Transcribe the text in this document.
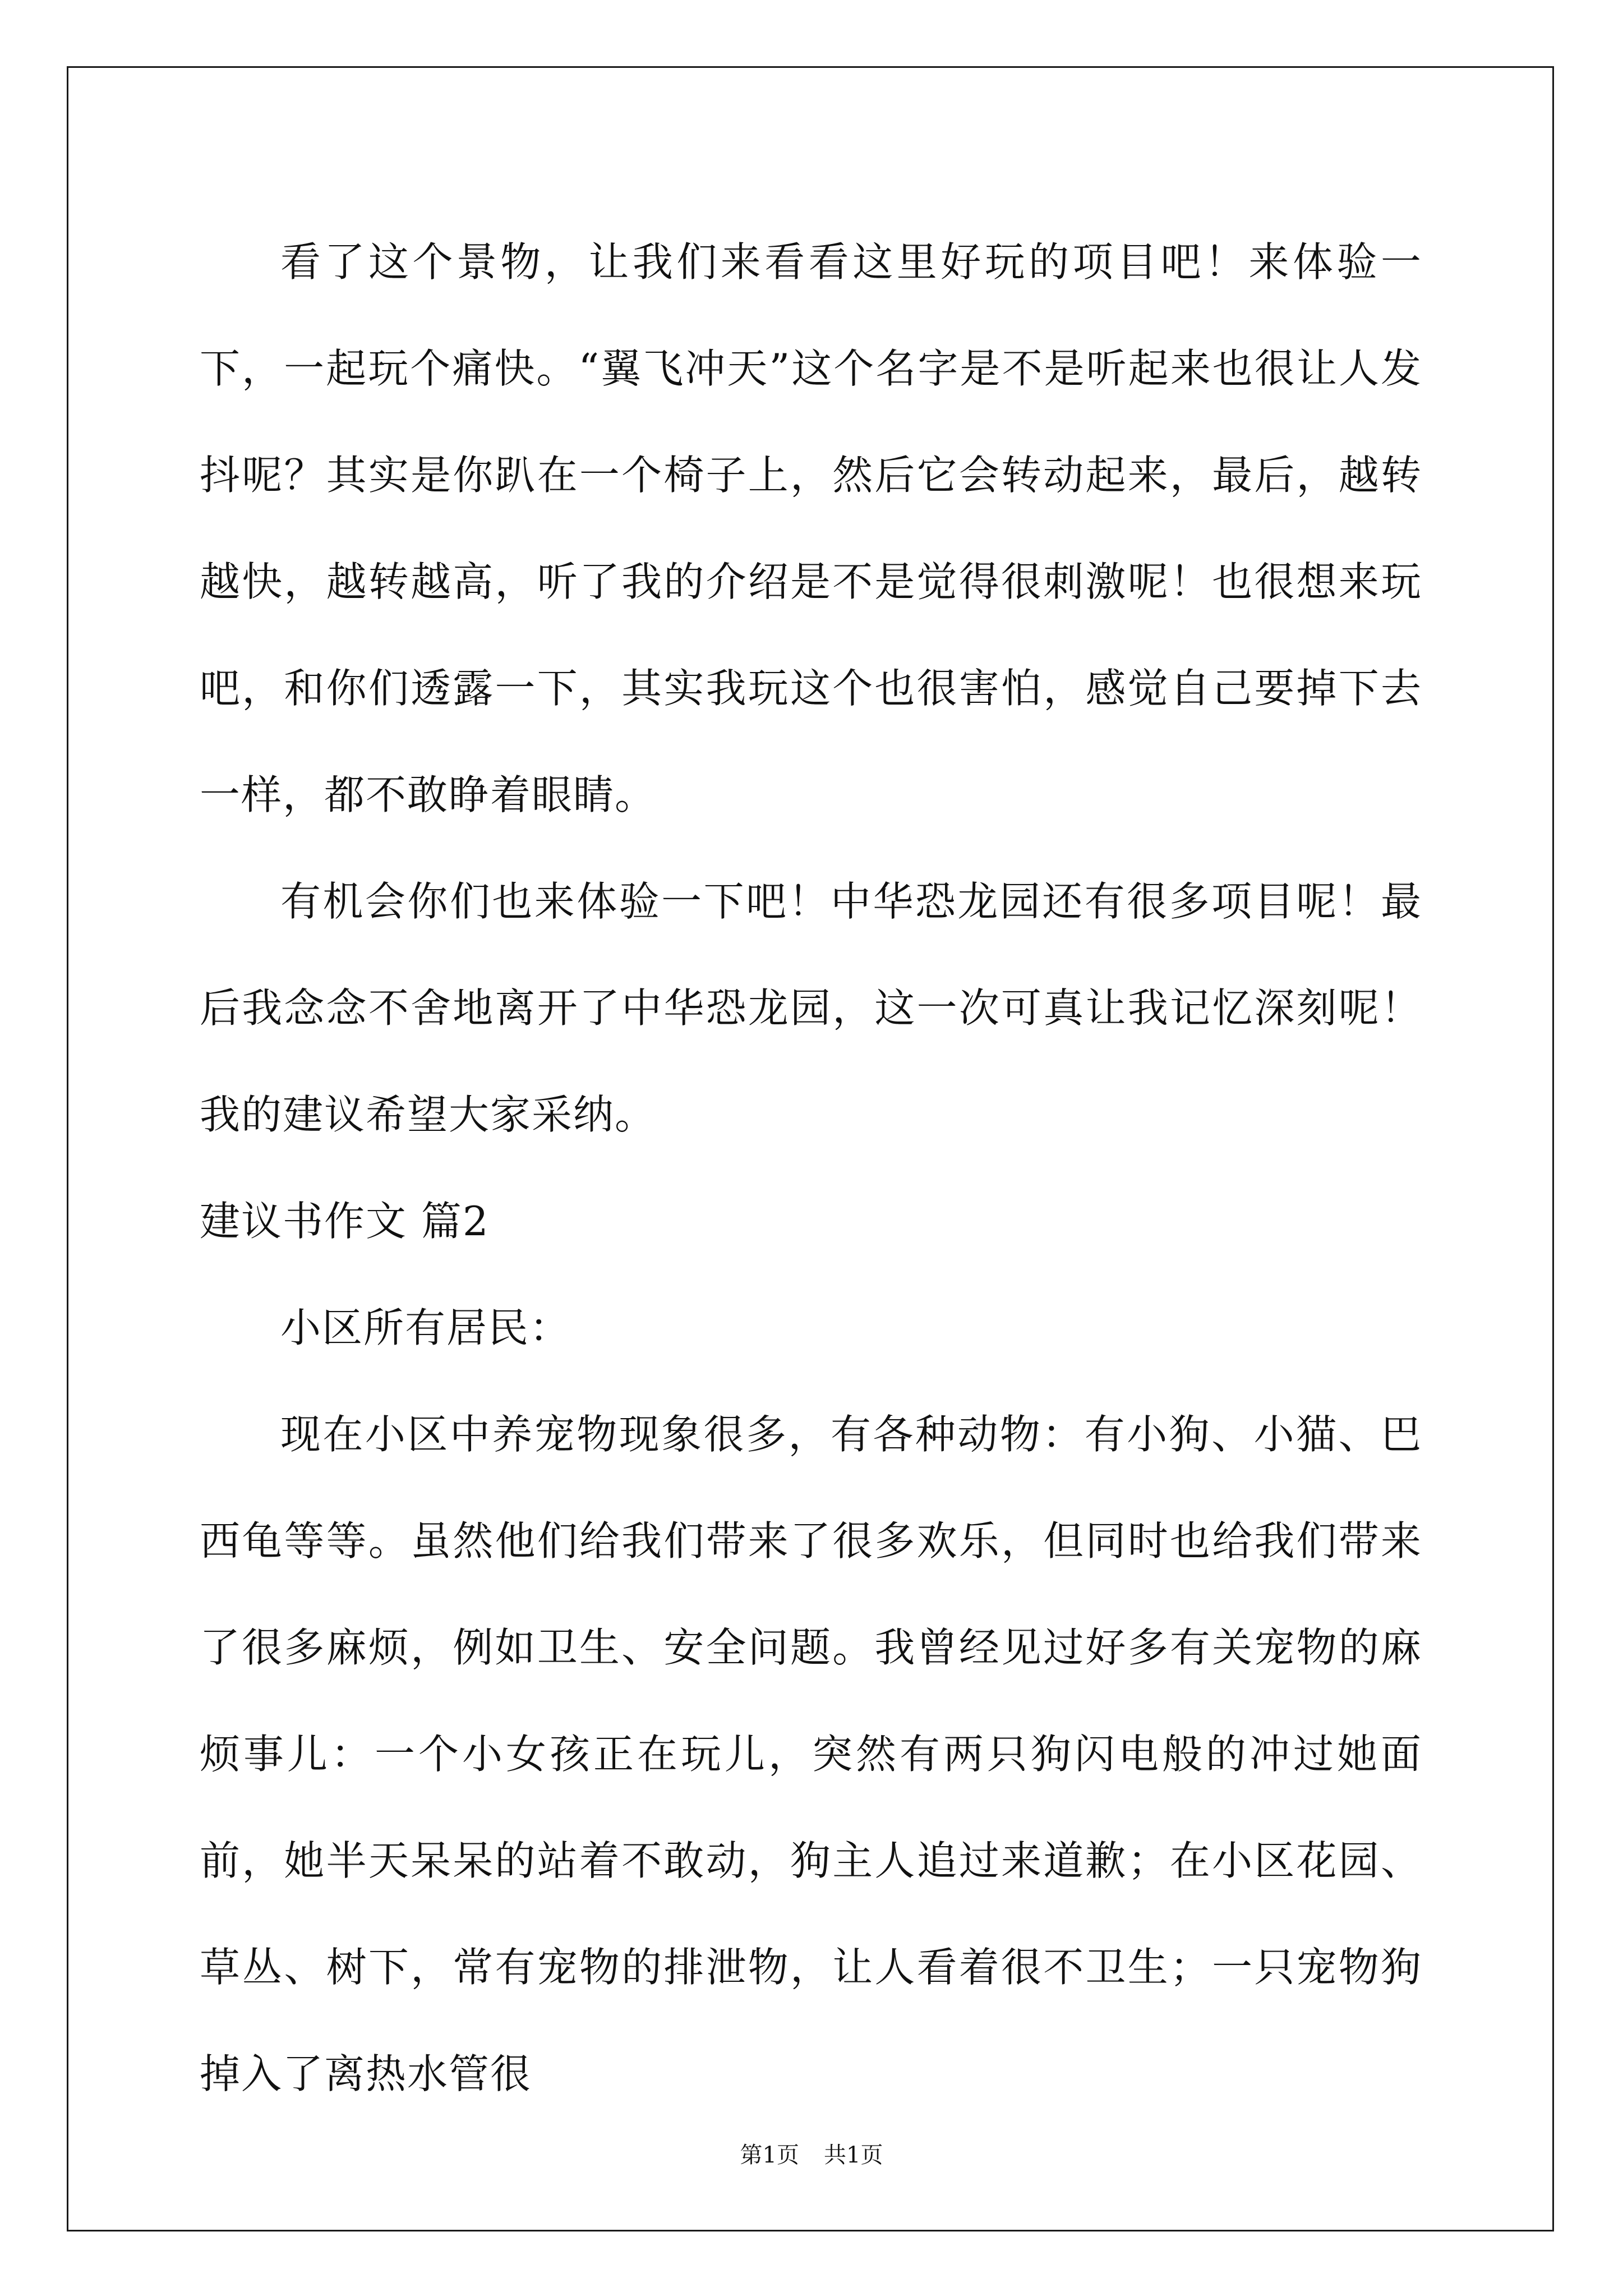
看了这个景物，让我们来看看这里好玩的项目吧！来体验一下，一起玩个痛快。“翼飞冲天”这个名字是不是听起来也很让人发抖呢？其实是你趴在一个椅子上，然后它会转动起来，最后，越转越快，越转越高，听了我的介绍是不是觉得很刺激呢！也很想来玩吧，和你们透露一下，其实我玩这个也很害怕，感觉自己要掉下去一样，都不敢睁着眼睛。

有机会你们也来体验一下吧！中华恐龙园还有很多项目呢！最后我念念不舍地离开了中华恐龙园，这一次可真让我记忆深刻呢！我的建议希望大家采纳。

建议书作文 篇2

小区所有居民：

现在小区中养宠物现象很多，有各种动物：有小狗、小猫、巴西龟等等。虽然他们给我们带来了很多欢乐，但同时也给我们带来了很多麻烦，例如卫生、安全问题。我曾经见过好多有关宠物的麻烦事儿：一个小女孩正在玩儿，突然有两只狗闪电般的冲过她面前，她半天呆呆的站着不敢动，狗主人追过来道歉；在小区花园、草丛、树下，常有宠物的排泄物，让人看着很不卫生；一只宠物狗掉入了离热水管很

第1页 共1页
